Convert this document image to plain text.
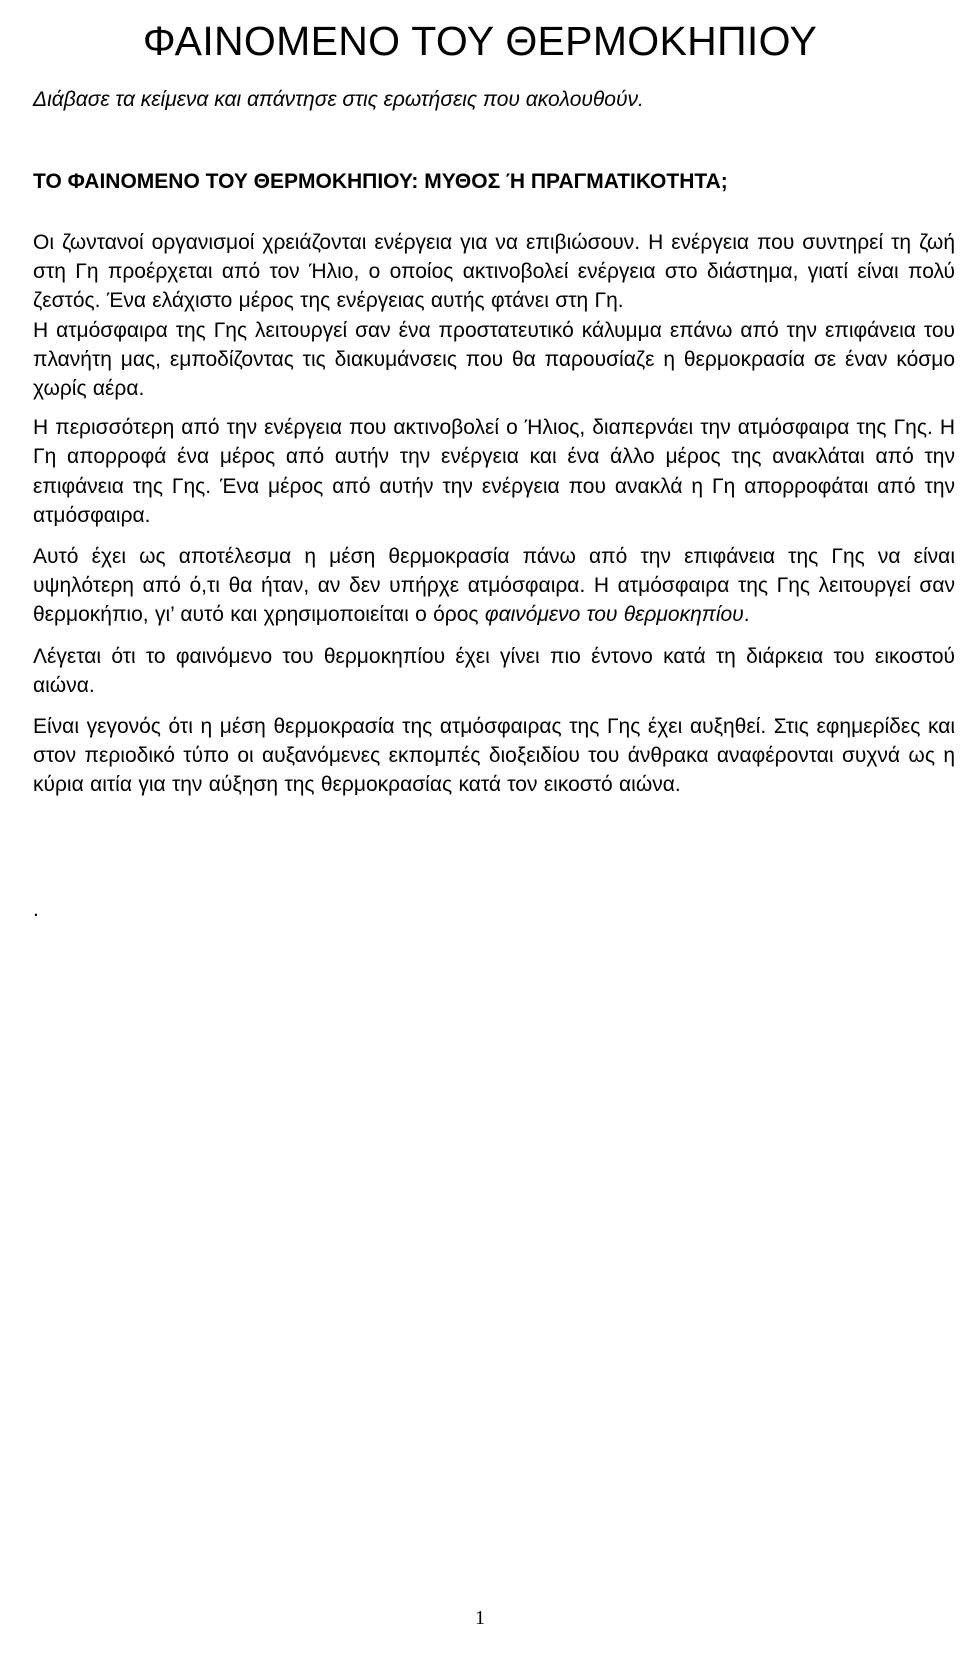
ΦΑΙΝΟΜΕΝΟ ΤΟΥ ΘΕΡΜΟΚΗΠΙΟΥ

Διάβασε τα κείμενα και απάντησε στις ερωτήσεις που ακολουθούν.

ΤΟ ΦΑΙΝΟΜΕΝΟ ΤΟΥ ΘΕΡΜΟΚΗΠΙΟΥ: ΜΥΘΟΣ Ή ΠΡΑΓΜΑΤΙΚΟΤΗΤΑ;

Οι ζωντανοί οργανισμοί χρειάζονται ενέργεια για να επιβιώσουν. Η ενέργεια που συντηρεί τη ζωή στη Γη προέρχεται από τον Ήλιο, ο οποίος ακτινοβολεί ενέργεια στο διάστημα, γιατί είναι πολύ ζεστός. Ένα ελάχιστο μέρος της ενέργειας αυτής φτάνει στη Γη.

Η ατμόσφαιρα της Γης λειτουργεί σαν ένα προστατευτικό κάλυμμα επάνω από την επιφάνεια του πλανήτη μας, εμποδίζοντας τις διακυμάνσεις που θα παρουσίαζε η θερμοκρασία σε έναν κόσμο χωρίς αέρα.

Η περισσότερη από την ενέργεια που ακτινοβολεί ο Ήλιος, διαπερνάει την ατμόσφαιρα της Γης. Η Γη απορροφά ένα μέρος από αυτήν την ενέργεια και ένα άλλο μέρος της ανακλάται από την επιφάνεια της Γης. Ένα μέρος από αυτήν την ενέργεια που ανακλά η Γη απορροφάται από την ατμόσφαιρα.

Αυτό έχει ως αποτέλεσμα η μέση θερμοκρασία πάνω από την επιφάνεια της Γης να είναι υψηλότερη από ό,τι θα ήταν, αν δεν υπήρχε ατμόσφαιρα. Η ατμόσφαιρα της Γης λειτουργεί σαν θερμοκήπιο, γι’ αυτό και χρησιμοποιείται ο όρος φαινόμενο του θερμοκηπίου.

Λέγεται ότι το φαινόμενο του θερμοκηπίου έχει γίνει πιο έντονο κατά τη διάρκεια του εικοστού αιώνα.

Είναι γεγονός ότι η μέση θερμοκρασία της ατμόσφαιρας της Γης έχει αυξηθεί. Στις εφημερίδες και στον περιοδικό τύπο οι αυξανόμενες εκπομπές διοξειδίου του άνθρακα αναφέρονται συχνά ως η κύρια αιτία για την αύξηση της θερμοκρασίας κατά τον εικοστό αιώνα.

.

1
